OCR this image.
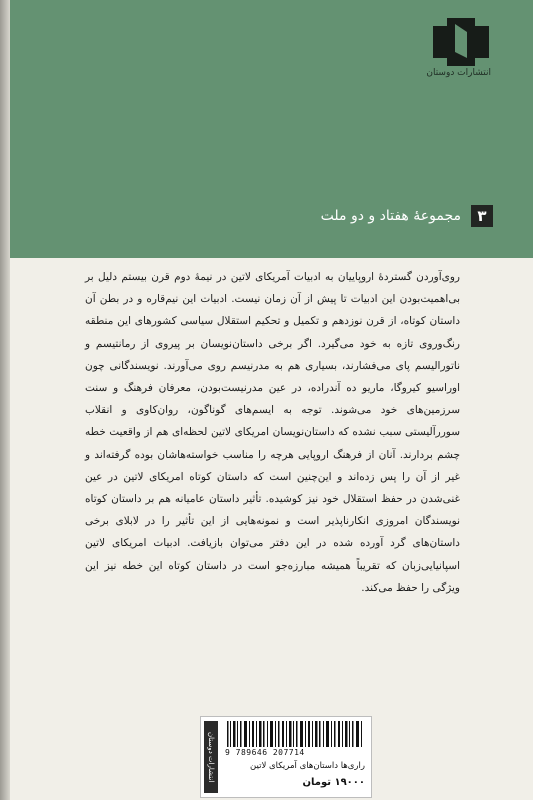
انتشارات دوستان
مجموعهٔ هفتاد و دو ملت	۳

روی‌آوردن گستردهٔ اروپاییان به ادبیات آمریکای لاتین در نیمهٔ دوم قرن بیستم دلیل بر بی‌اهمیت‌بودن این ادبیات تا پیش از آن زمان نیست. ادبیات این نیم‌قاره و در بطن آن داستان کوتاه، از قرن نوزدهم و تکمیل و تحکیم استقلال سیاسی کشورهای این منطقه رنگ‌وروی تازه به خود می‌گیرد. اگر برخی داستان‌نویسان بر پیروی از رمانتیسم و ناتورالیسم پای می‌فشارند، بسیاری هم به مدرنیسم روی می‌آورند. نویسندگانی چون اوراسیو کیروگا، ماریو ده آندراده، در عین مدرنیست‌بودن، معرفان فرهنگ و سنت سرزمین‌های خود می‌شوند. توجه به ایسم‌های گوناگون، روان‌کاوی و انقلاب سوررآلیستی سبب نشده که داستان‌نویسان امریکای لاتین لحظه‌ای هم از واقعیت خطه چشم بردارند. آنان از فرهنگ اروپایی هرچه را مناسب خواسته‌هاشان بوده گرفته‌اند و غیر از آن را پس زده‌اند و این‌چنین است که داستان کوتاه امریکای لاتین در عین غنی‌شدن در حفظ استقلال خود نیز کوشیده. تأثیر داستان عامیانه هم بر داستان کوتاه نویسندگان امروزی انکارناپذیر است و نمونه‌هایی از این تأثیر را در لابلای برخی داستان‌های گرد آورده شده در این دفتر می‌توان بازیافت. ادبیات امریکای لاتین اسپانیایی‌زبان که تقریباً همیشه مبارزه‌جو است در داستان کوتاه این خطه نیز این ویژگی را حفظ می‌کند.

انتشارات دوستان	9 789646 207714
راری‌ها داستان‌های آمریکای لاتین
۱۹۰۰۰ تومان
